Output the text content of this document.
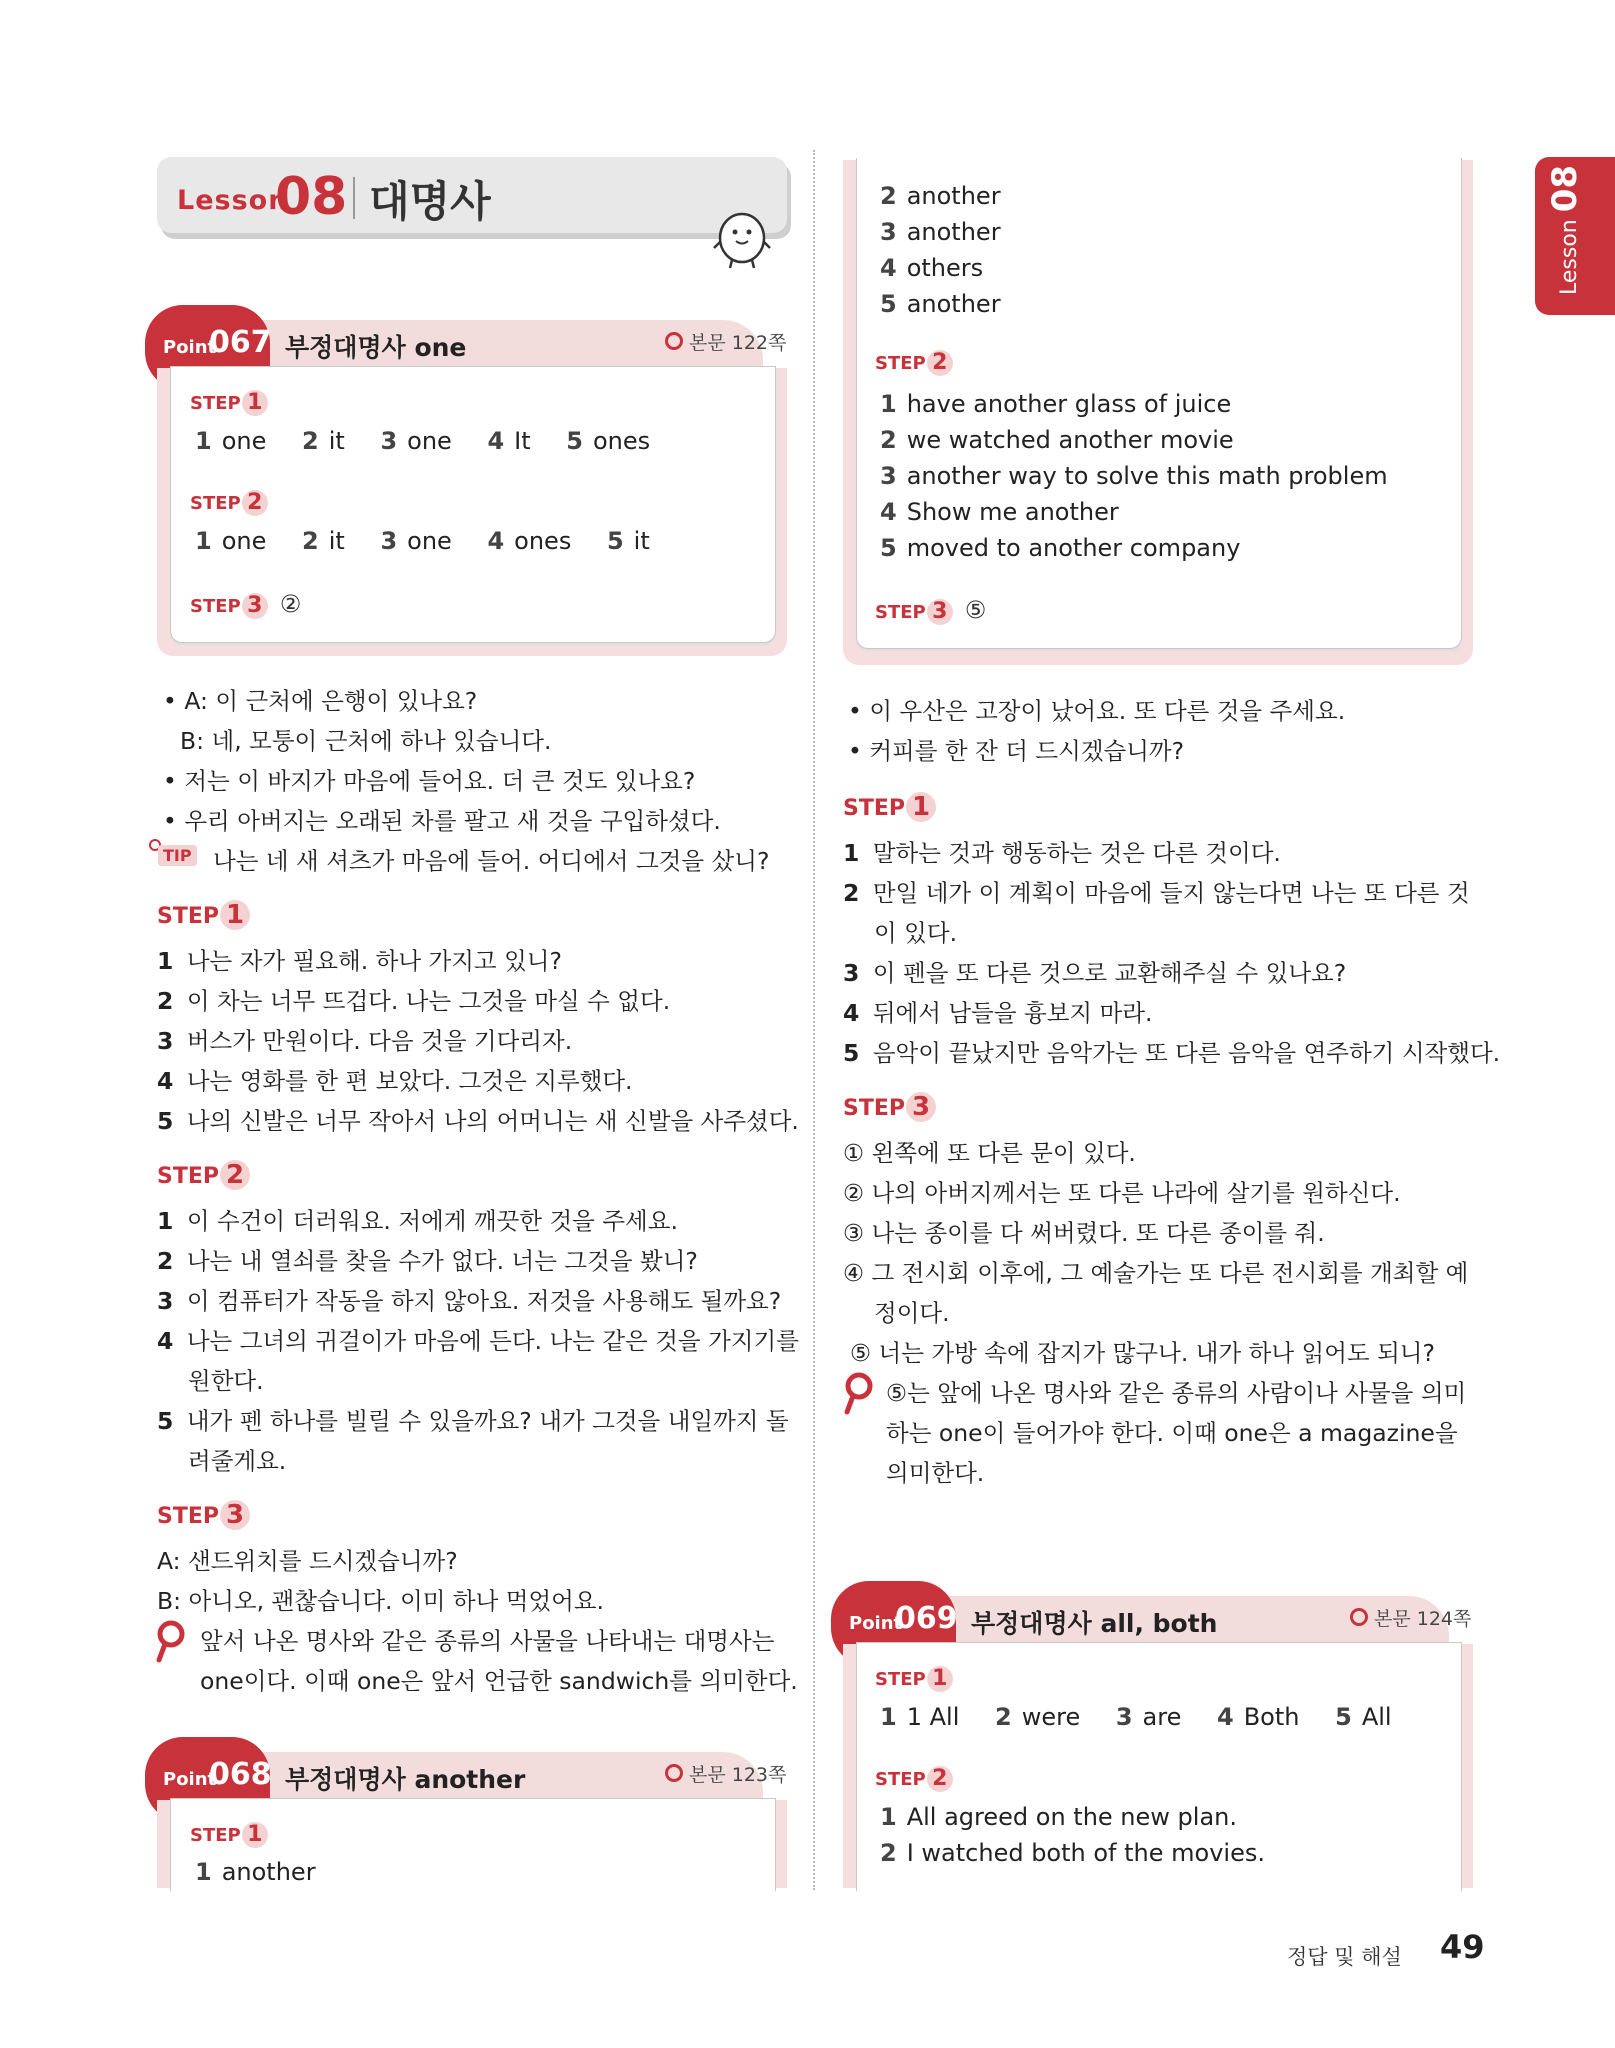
Lesson
08 대명사
Lesson 08
Point
067 부정대명사 one	본문 122쪽
STEP 1
1 one 2 it 3 one 4 It 5 ones
STEP 2
1 one 2 it 3 one 4 ones 5 it
STEP 3 ②
• A: 이 근처에 은행이 있나요?
B: 네, 모퉁이 근처에 하나 있습니다.
• 저는 이 바지가 마음에 들어요. 더 큰 것도 있나요?
• 우리 아버지는 오래된 차를 팔고 새 것을 구입하셨다.
TIP 나는 네 새 셔츠가 마음에 들어. 어디에서 그것을 샀니?
STEP 1
1 나는 자가 필요해. 하나 가지고 있니?
2 이 차는 너무 뜨겁다. 나는 그것을 마실 수 없다.
3 버스가 만원이다. 다음 것을 기다리자.
4 나는 영화를 한 편 보았다. 그것은 지루했다.
5 나의 신발은 너무 작아서 나의 어머니는 새 신발을 사주셨다.
STEP 2
1 이 수건이 더러워요. 저에게 깨끗한 것을 주세요.
2 나는 내 열쇠를 찾을 수가 없다. 너는 그것을 봤니?
3 이 컴퓨터가 작동을 하지 않아요. 저것을 사용해도 될까요?
4 나는 그녀의 귀걸이가 마음에 든다. 나는 같은 것을 가지기를
원한다.
5 내가 펜 하나를 빌릴 수 있을까요? 내가 그것을 내일까지 돌
려줄게요.
STEP 3
A: 샌드위치를 드시겠습니까?
B: 아니오, 괜찮습니다. 이미 하나 먹었어요.
앞서 나온 명사와 같은 종류의 사물을 나타내는 대명사는
one이다. 이때 one은 앞서 언급한 sandwich를 의미한다.
Point
068 부정대명사 another	본문 123쪽
STEP 1
1 another
2 another
3 another
4 others
5 another
STEP 2
1 have another glass of juice
2 we watched another movie
3 another way to solve this math problem
4 Show me another
5 moved to another company
STEP 3 ⑤
• 이 우산은 고장이 났어요. 또 다른 것을 주세요.
• 커피를 한 잔 더 드시겠습니까?
STEP 1
1 말하는 것과 행동하는 것은 다른 것이다.
2 만일 네가 이 계획이 마음에 들지 않는다면 나는 또 다른 것
이 있다.
3 이 펜을 또 다른 것으로 교환해주실 수 있나요?
4 뒤에서 남들을 흉보지 마라.
5 음악이 끝났지만 음악가는 또 다른 음악을 연주하기 시작했다.
STEP 3
① 왼쪽에 또 다른 문이 있다.
② 나의 아버지께서는 또 다른 나라에 살기를 원하신다.
③ 나는 종이를 다 써버렸다. 또 다른 종이를 줘.
④ 그 전시회 이후에, 그 예술가는 또 다른 전시회를 개최할 예
정이다.
⑤ 너는 가방 속에 잡지가 많구나. 내가 하나 읽어도 되니?
⑤는 앞에 나온 명사와 같은 종류의 사람이나 사물을 의미
하는 one이 들어가야 한다. 이때 one은 a magazine을
의미한다.
Point
069 부정대명사 all, both	본문 124쪽
STEP 1
1 1 All 2 were 3 are 4 Both 5 All
STEP 2
1 All agreed on the new plan.
2 I watched both of the movies.
정답 및 해설 49
